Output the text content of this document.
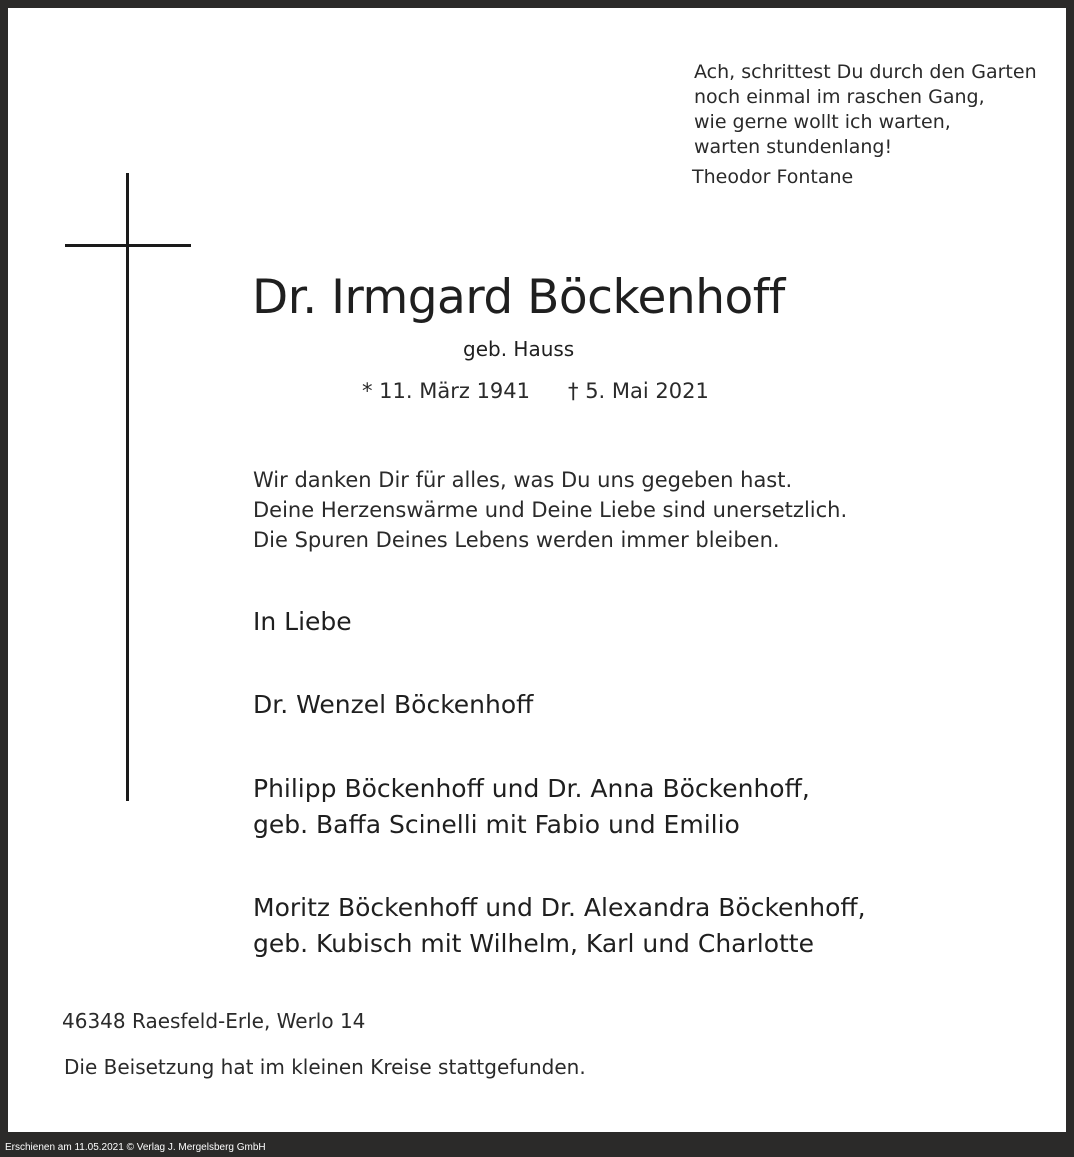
Ach, schrittest Du durch den Garten
noch einmal im raschen Gang,
wie gerne wollt ich warten,
warten stundenlang!
Theodor Fontane
Dr. Irmgard Böckenhoff
geb. Hauss
* 11. März 1941 † 5. Mai 2021
Wir danken Dir für alles, was Du uns gegeben hast.
Deine Herzenswärme und Deine Liebe sind unersetzlich.
Die Spuren Deines Lebens werden immer bleiben.
In Liebe
Dr. Wenzel Böckenhoff
Philipp Böckenhoff und Dr. Anna Böckenhoff,
geb. Baffa Scinelli mit Fabio und Emilio
Moritz Böckenhoff und Dr. Alexandra Böckenhoff,
geb. Kubisch mit Wilhelm, Karl und Charlotte
46348 Raesfeld-Erle, Werlo 14
Die Beisetzung hat im kleinen Kreise stattgefunden.
Erschienen am 11.05.2021 © Verlag J. Mergelsberg GmbH
